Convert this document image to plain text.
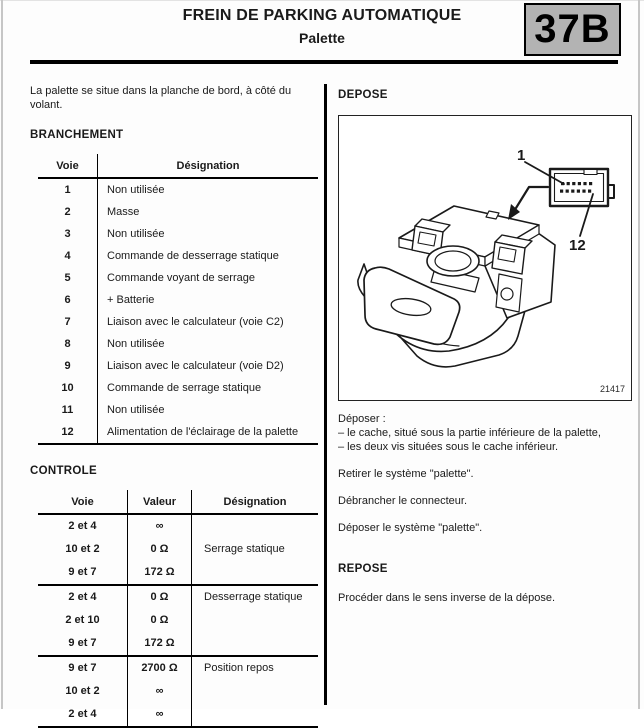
FREIN DE PARKING AUTOMATIQUE
Palette	37B
La palette se situe dans la planche de bord, à côté du volant.
BRANCHEMENT
Voie	Désignation
1	Non utilisée
2	Masse
3	Non utilisée
4	Commande de desserrage statique
5	Commande voyant de serrage
6	+ Batterie
7	Liaison avec le calculateur (voie C2)
8	Non utilisée
9	Liaison avec le calculateur (voie D2)
10	Commande de serrage statique
11	Non utilisée
12	Alimentation de l'éclairage de la palette
CONTROLE
Voie	Valeur	Désignation
2 et 4	∞
10 et 2	0 Ω	Serrage statique
9 et 7	172 Ω
2 et 4	0 Ω	Desserrage statique
2 et 10	0 Ω
9 et 7	172 Ω
9 et 7	2700 Ω	Position repos
10 et 2	∞
2 et 4	∞
DEPOSE
1
12
21417
Déposer :
– le cache, situé sous la partie inférieure de la palette,
– les deux vis situées sous le cache inférieur.
Retirer le système "palette".
Débrancher le connecteur.
Déposer le système "palette".
REPOSE
Procéder dans le sens inverse de la dépose.
